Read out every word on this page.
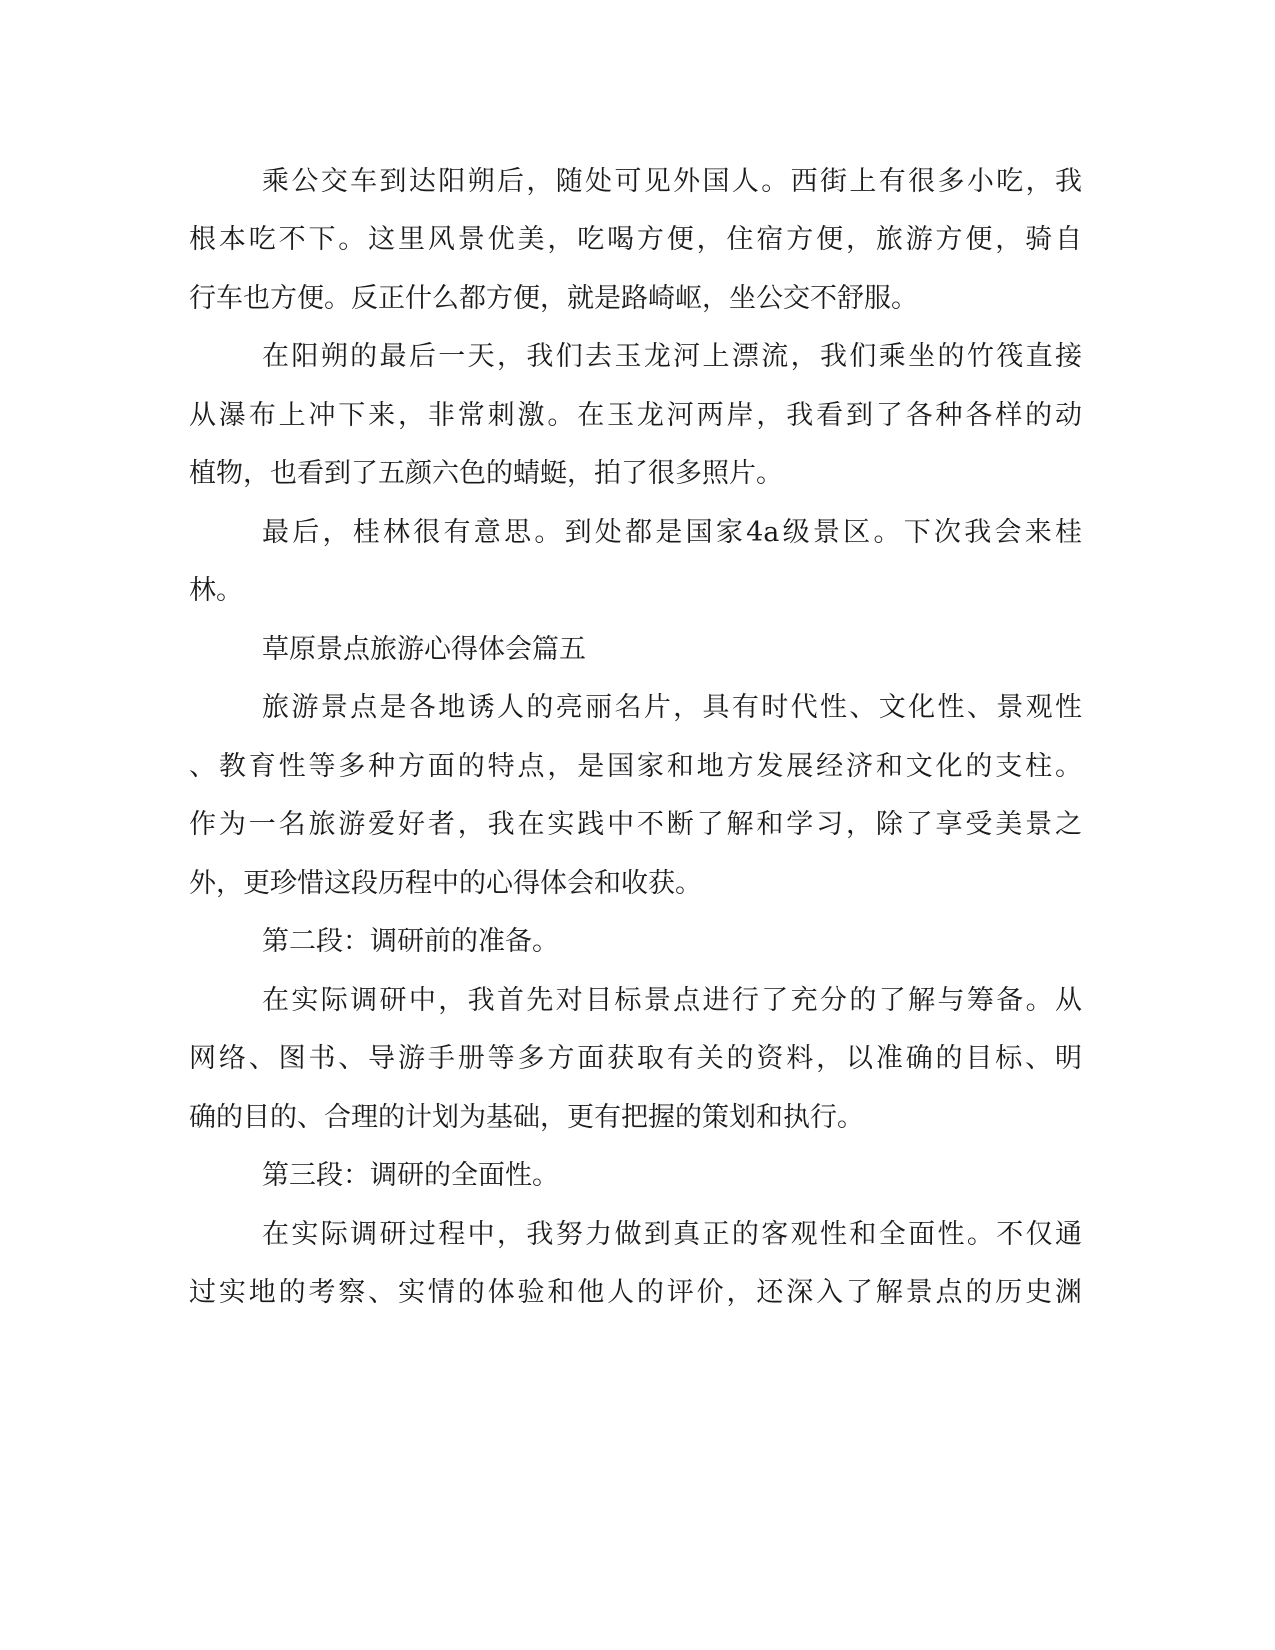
乘公交车到达阳朔后，随处可见外国人。西街上有很多小吃，我
根本吃不下。这里风景优美，吃喝方便，住宿方便，旅游方便，骑自
行车也方便。反正什么都方便，就是路崎岖，坐公交不舒服。
在阳朔的最后一天，我们去玉龙河上漂流，我们乘坐的竹筏直接
从瀑布上冲下来，非常刺激。在玉龙河两岸，我看到了各种各样的动
植物，也看到了五颜六色的蜻蜓，拍了很多照片。
最后，桂林很有意思。到处都是国家4a级景区。下次我会来桂
林。
草原景点旅游心得体会篇五
旅游景点是各地诱人的亮丽名片，具有时代性、文化性、景观性
、教育性等多种方面的特点，是国家和地方发展经济和文化的支柱。
作为一名旅游爱好者，我在实践中不断了解和学习，除了享受美景之
外，更珍惜这段历程中的心得体会和收获。
第二段：调研前的准备。
在实际调研中，我首先对目标景点进行了充分的了解与筹备。从
网络、图书、导游手册等多方面获取有关的资料，以准确的目标、明
确的目的、合理的计划为基础，更有把握的策划和执行。
第三段：调研的全面性。
在实际调研过程中，我努力做到真正的客观性和全面性。不仅通
过实地的考察、实情的体验和他人的评价，还深入了解景点的历史渊
